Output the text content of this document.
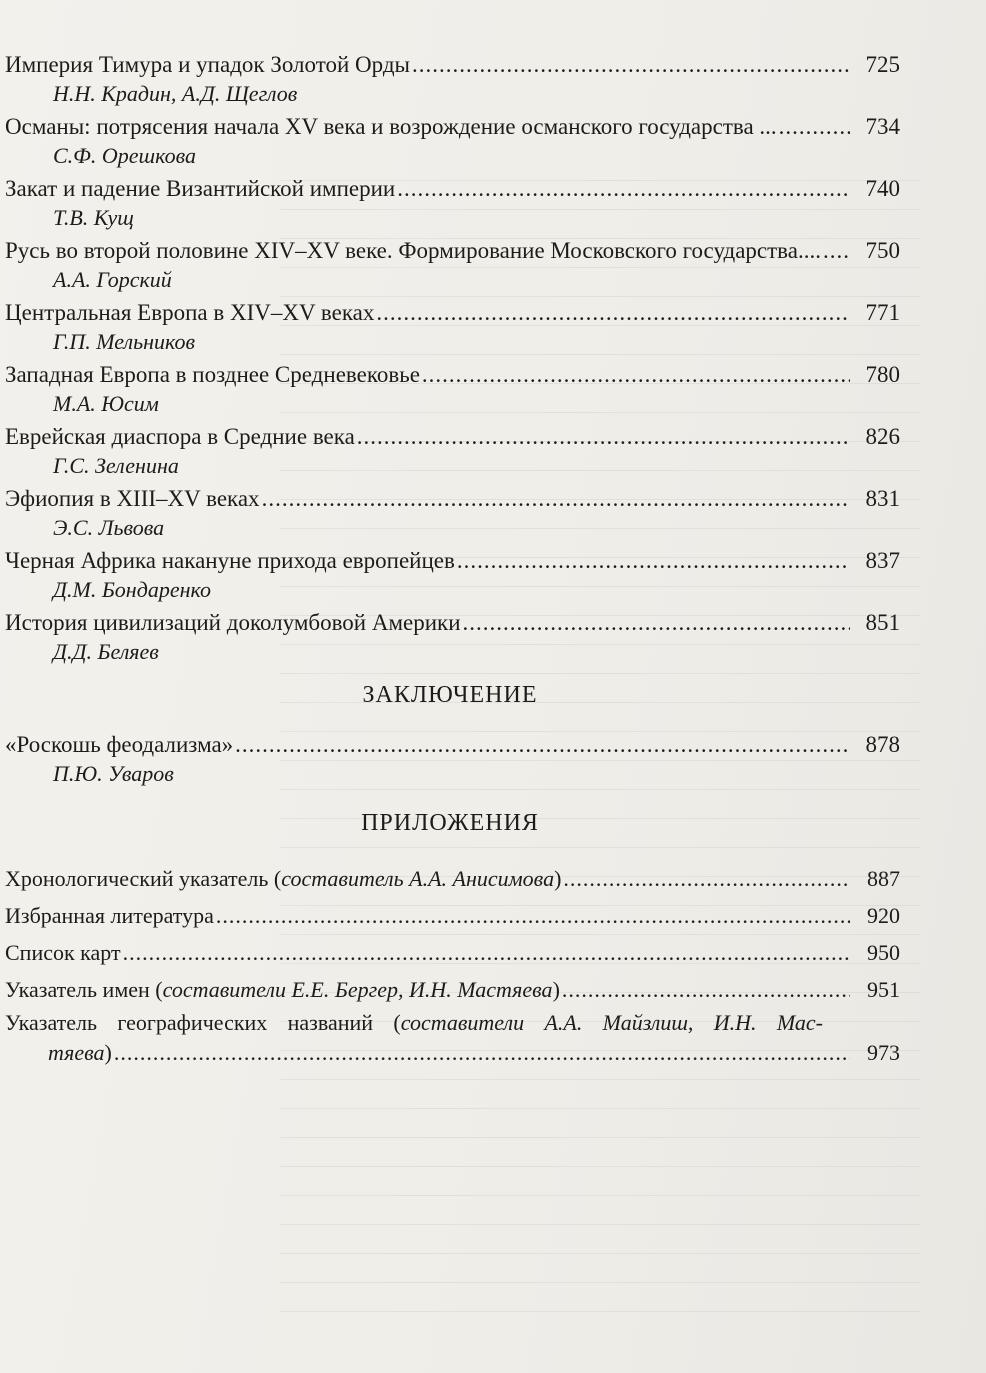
Империя Тимура и упадок Золотой Орды .....	725
Н.Н. Крадин, А.Д. Щеглов
Османы: потрясения начала XV века и возрождение османского государства ... .....	734
С.Ф. Орешкова
Закат и падение Византийской империи .....	740
Т.В. Кущ
Русь во второй половине XIV–XV веке. Формирование Московского государства.... .....	750
А.А. Горский
Центральная Европа в XIV–XV веках .....	771
Г.П. Мельников
Западная Европа в позднее Средневековье .....	780
М.А. Юсим
Еврейская диаспора в Средние века .....	826
Г.С. Зеленина
Эфиопия в XIII–XV веках .....	831
Э.С. Львова
Черная Африка накануне прихода европейцев .....	837
Д.М. Бондаренко
История цивилизаций доколумбовой Америки .....	851
Д.Д. Беляев
ЗАКЛЮЧЕНИЕ
«Роскошь феодализма» .....	878
П.Ю. Уваров
ПРИЛОЖЕНИЯ
Хронологический указатель (составитель А.А. Анисимова) .....	887
Избранная литература .....	920
Список карт .....	950
Указатель имен (составители Е.Е. Бергер, И.Н. Мастяева) .....	951
Указатель географических названий (составители А.А. Майзлиш, И.Н. Мас-
тяева) .....	973
